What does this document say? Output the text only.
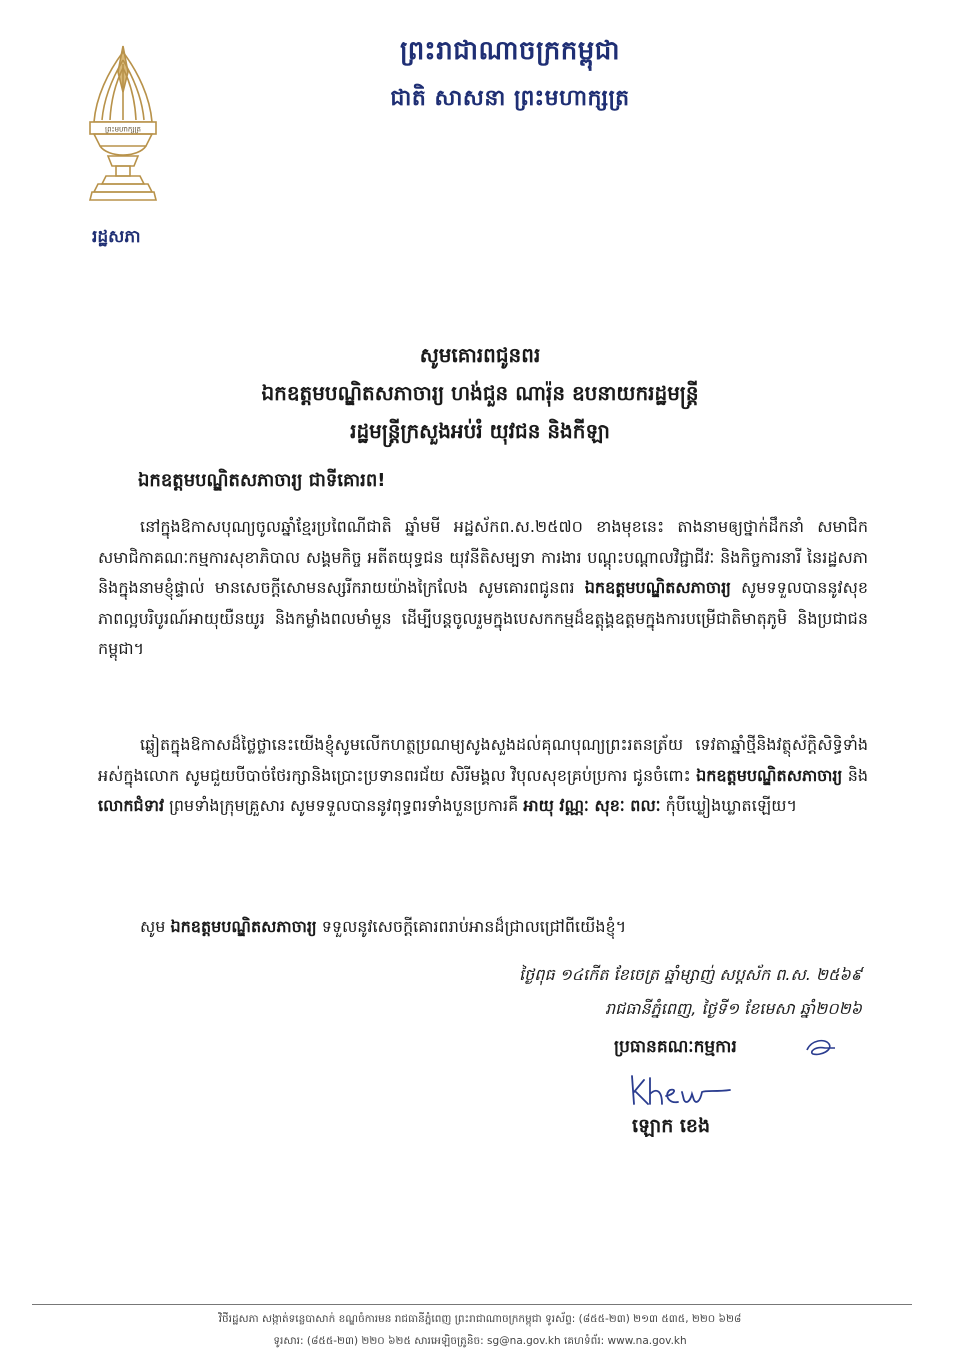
ព្រះមហាក្សត្រ
រដ្ឋសភា
ព្រះរាជាណាចក្រកម្ពុជា
ជាតិ សាសនា ព្រះមហាក្សត្រ
សូមគោរពជូនពរ
ឯកឧត្តមបណ្ឌិតសភាចារ្យ ហង់ជួន ណារ៉ុន ឧបនាយករដ្ឋមន្ត្រី
រដ្ឋមន្ត្រីក្រសួងអប់រំ យុវជន និងកីឡា
ឯកឧត្តមបណ្ឌិតសភាចារ្យ ជាទីគោរព!
នៅក្នុងឱកាសបុណ្យចូលឆ្នាំខ្មែរប្រពៃណីជាតិ ឆ្នាំមមី អដ្ឋស័កព.ស.២៥៧០ ខាងមុខនេះ តាងនាមឲ្យថ្នាក់ដឹកនាំ សមាជិក សមាជិកាគណៈកម្មការសុខាភិបាល សង្គមកិច្ច អតីតយុទ្ធជន យុវនីតិសម្បទា ការងារ បណ្តុះបណ្តាលវិជ្ជាជីវៈ និងកិច្ចការនារី នៃរដ្ឋសភា និងក្នុងនាមខ្ញុំផ្ទាល់ មានសេចក្តីសោមនស្សរីករាយយ៉ាងក្រៃលែង សូមគោរពជូនពរ ឯកឧត្តមបណ្ឌិតសភាចារ្យ សូមទទួលបាននូវសុខភាពល្អបរិបូរណ៍អាយុយឺនយូរ និងកម្លាំងពលមាំមួន ដើម្បីបន្តចូលរួមក្នុងបេសកកម្មដ៏ឧត្តុង្គឧត្តមក្នុងការបម្រើជាតិមាតុភូមិ និងប្រជាជនកម្ពុជា។
ឆ្លៀតក្នុងឱកាសដ៏ថ្លៃថ្លានេះយើងខ្ញុំសូមលើកហត្ថប្រណម្យសូងសួងដល់គុណបុណ្យព្រះរតនត្រ័យ ទេវតាឆ្នាំថ្មីនិងវត្ថុស័ក្តិសិទ្ធិទាំងអស់ក្នុងលោក សូមជួយបីបាច់ថែរក្សានិងប្រោះប្រទានពរជ័យ សិរីមង្គល វិបុលសុខគ្រប់ប្រការ ជូនចំពោះ ឯកឧត្តមបណ្ឌិតសភាចារ្យ និងលោកជំទាវ ព្រមទាំងក្រុមគ្រួសារ សូមទទួលបាននូវពុទ្ធពរទាំងបួនប្រការគឺ អាយុ វណ្ណៈ សុខៈ ពលៈ កុំបីឃ្លៀងឃ្លាតឡើយ។
សូម ឯកឧត្តមបណ្ឌិតសភាចារ្យ ទទួលនូវសេចក្តីគោរពរាប់អានដ៏ជ្រាលជ្រៅពីយើងខ្ញុំ។
ថ្ងៃពុធ ១៤កើត ខែចេត្រ ឆ្នាំម្សាញ់ សប្តស័ក ព.ស. ២៥៦៩
រាជធានីភ្នំពេញ, ថ្ងៃទី១ ខែមេសា ឆ្នាំ២០២៦
ប្រធានគណៈកម្មការ
ឡោក ខេង
វិថីរដ្ឋសភា សង្កាត់ទន្លេបាសាក់ ខណ្ឌចំការមន រាជធានីភ្នំពេញ ព្រះរាជាណាចក្រកម្ពុជា ទូរស័ព្ទ: (៨៥៥-២៣) ២១៣ ៥៣៥, ២២០ ៦២៨
ទូរសារ: (៨៥៥-២៣) ២២០ ៦២៥ សារអេឡិចត្រូនិច: sg@na.gov.kh គេហទំព័រ: www.na.gov.kh
